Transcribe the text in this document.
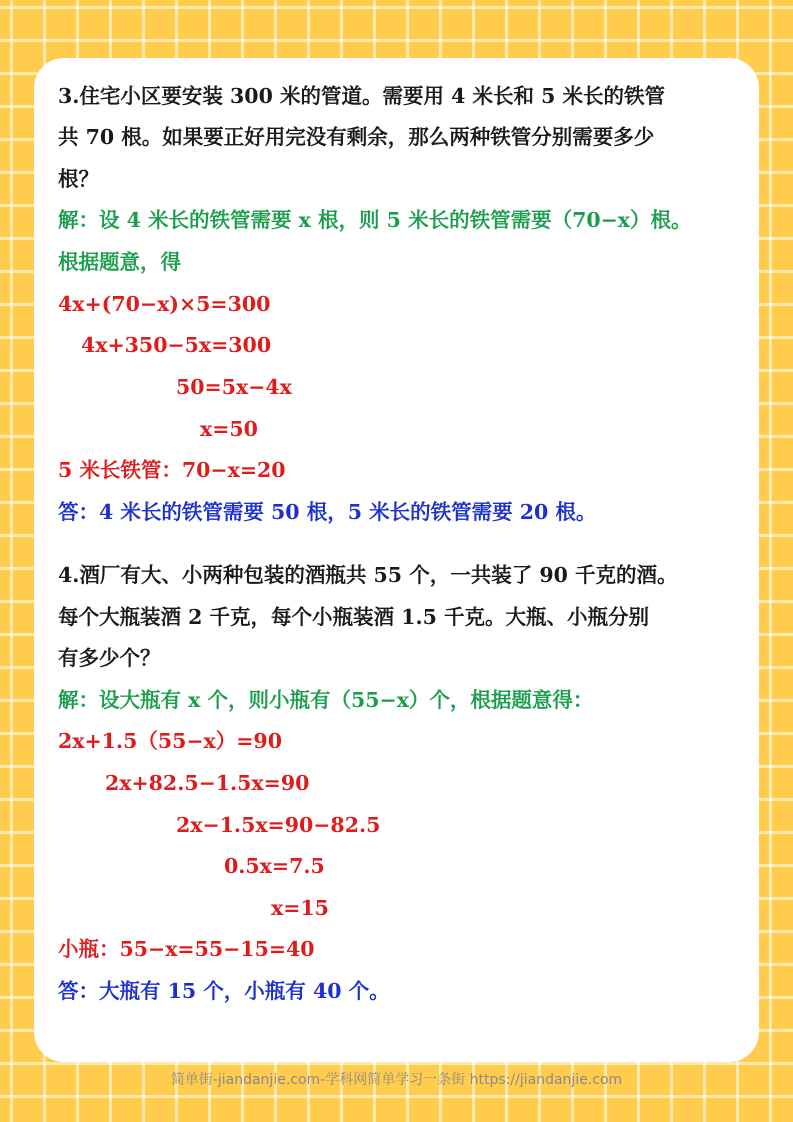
3.住宅小区要安装 300 米的管道。需要用 4 米长和 5 米长的铁管
共 70 根。如果要正好用完没有剩余，那么两种铁管分别需要多少
根？
解：设 4 米长的铁管需要 x 根，则 5 米长的铁管需要（70−x）根。
根据题意，得
4x+(70−x)×5=300
4x+350−5x=300
50=5x−4x
x=50
5 米长铁管：70−x=20
答：4 米长的铁管需要 50 根，5 米长的铁管需要 20 根。
4.酒厂有大、小两种包装的酒瓶共 55 个，一共装了 90 千克的酒。
每个大瓶装酒 2 千克，每个小瓶装酒 1.5 千克。大瓶、小瓶分别
有多少个？
解：设大瓶有 x 个，则小瓶有（55−x）个，根据题意得：
2x+1.5（55−x）=90
2x+82.5−1.5x=90
2x−1.5x=90−82.5
0.5x=7.5
x=15
小瓶：55−x=55−15=40
答：大瓶有 15 个，小瓶有 40 个。
简单街-jiandanjie.com-学科网简单学习一条街 https://jiandanjie.com
